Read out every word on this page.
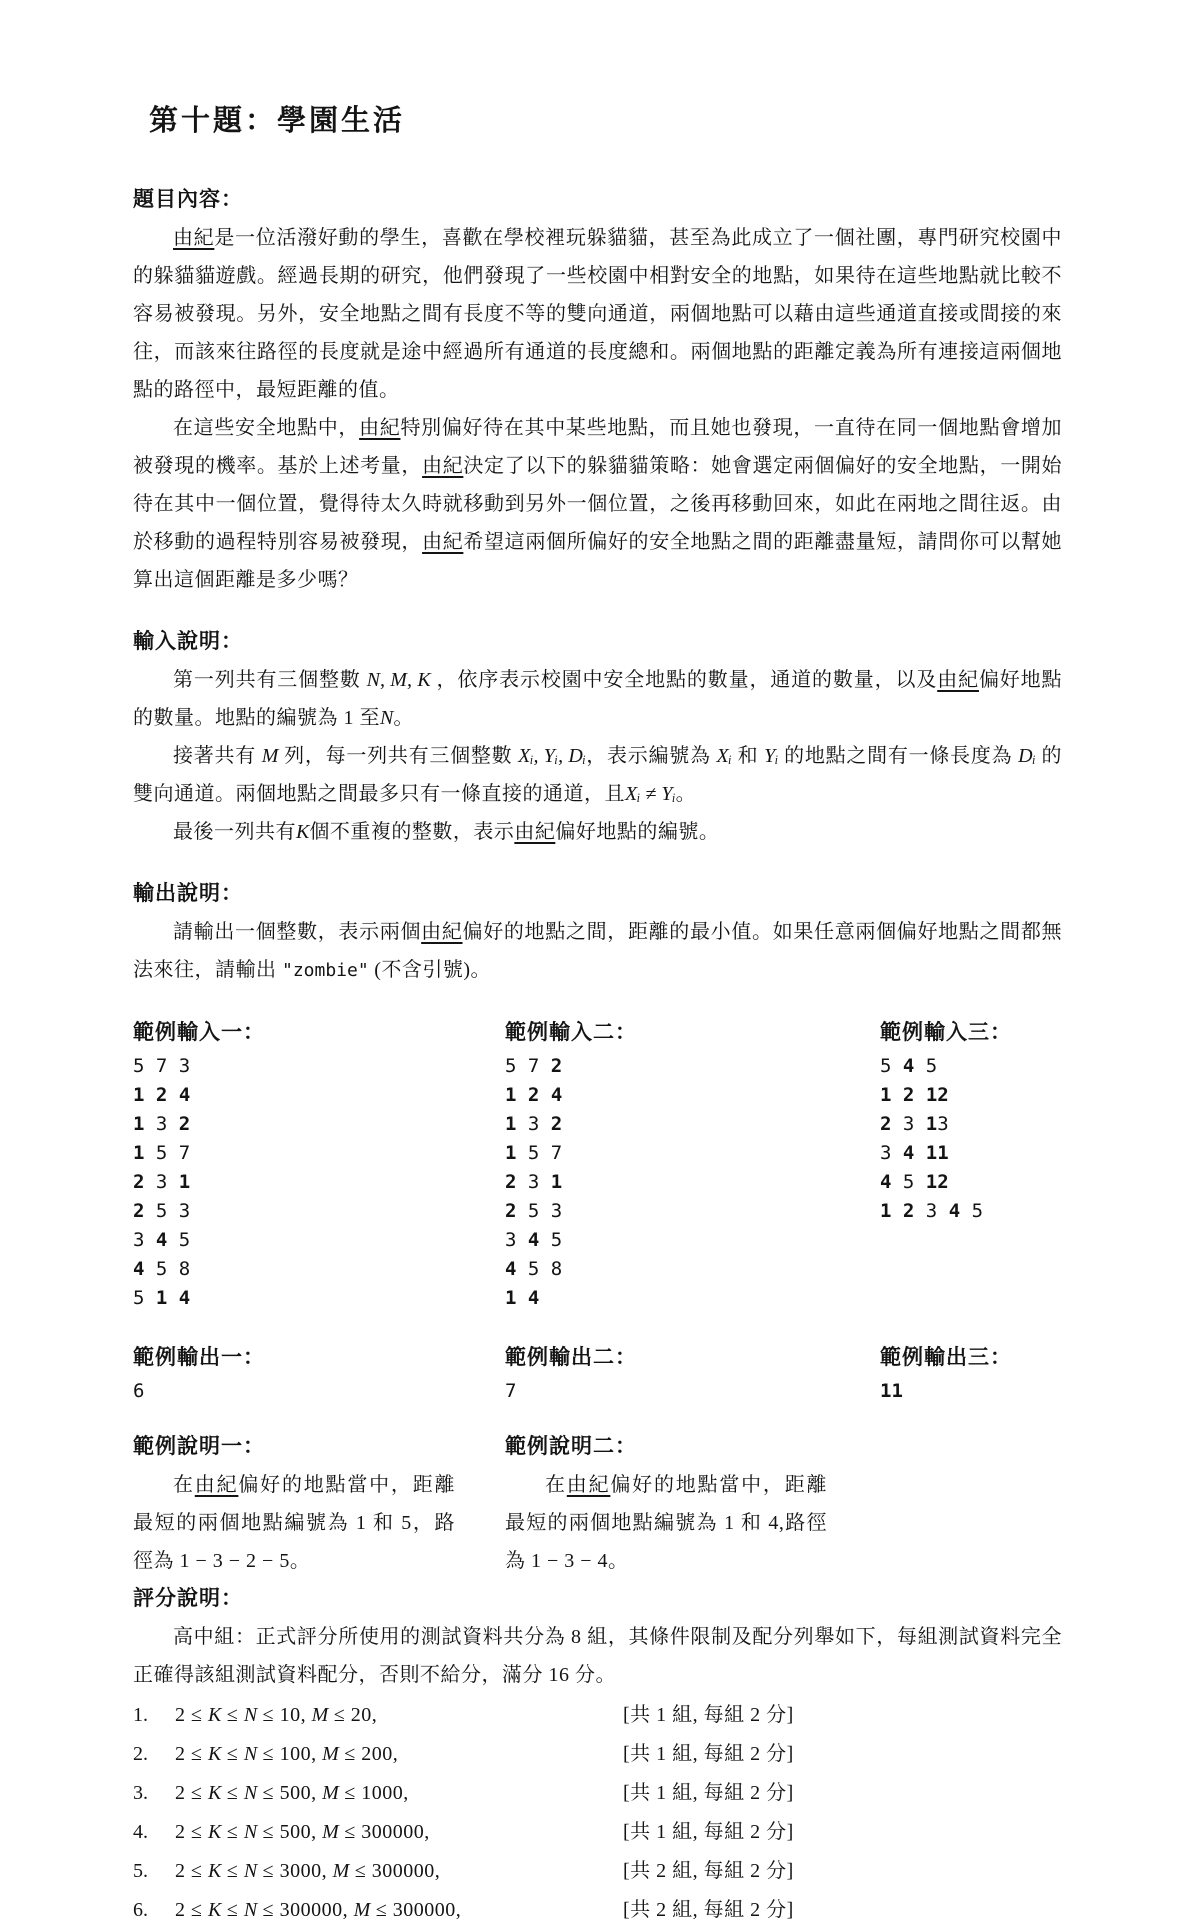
第十題：學園生活
題目內容：

由紀是一位活潑好動的學生，喜歡在學校裡玩躲貓貓，甚至為此成立了一個社團，專門研究校園中的躲貓貓遊戲。經過長期的研究，他們發現了一些校園中相對安全的地點，如果待在這些地點就比較不容易被發現。另外，安全地點之間有長度不等的雙向通道，兩個地點可以藉由這些通道直接或間接的來往，而該來往路徑的長度就是途中經過所有通道的長度總和。兩個地點的距離定義為所有連接這兩個地點的路徑中，最短距離的值。

在這些安全地點中，由紀特別偏好待在其中某些地點，而且她也發現，一直待在同一個地點會增加被發現的機率。基於上述考量，由紀決定了以下的躲貓貓策略：她會選定兩個偏好的安全地點，一開始待在其中一個位置，覺得待太久時就移動到另外一個位置，之後再移動回來，如此在兩地之間往返。由於移動的過程特別容易被發現，由紀希望這兩個所偏好的安全地點之間的距離盡量短，請問你可以幫她算出這個距離是多少嗎？

輸入說明：

第一列共有三個整數 N, M, K ，依序表示校園中安全地點的數量，通道的數量，以及由紀偏好地點的數量。地點的編號為 1 至N。

接著共有 M 列，每一列共有三個整數 Xᵢ, Yᵢ, Dᵢ，表示編號為 Xᵢ 和 Yᵢ 的地點之間有一條長度為 Dᵢ 的雙向通道。兩個地點之間最多只有一條直接的通道，且Xᵢ ≠ Yᵢ。

最後一列共有K個不重複的整數，表示由紀偏好地點的編號。

輸出說明：

請輸出一個整數，表示兩個由紀偏好的地點之間，距離的最小值。如果任意兩個偏好地點之間都無法來往，請輸出 "zombie" (不含引號)。

範例輸入一：
5 7 3
1 2 4
1 3 2
1 5 7
2 3 1
2 5 3
3 4 5
4 5 8
5 1 4
範例輸入二：
5 7 2
1 2 4
1 3 2
1 5 7
2 3 1
2 5 3
3 4 5
4 5 8
1 4
範例輸入三：
5 4 5
1 2 12
2 3 13
3 4 11
4 5 12
1 2 3 4 5
範例輸出一：
6
範例輸出二：
7
範例輸出三：
11
範例說明一：

在由紀偏好的地點當中，距離最短的兩個地點編號為 1 和 5，路徑為 1 − 3 − 2 − 5。

範例說明二：

在由紀偏好的地點當中，距離最短的兩個地點編號為 1 和 4,路徑為 1 − 3 − 4。

評分說明：

高中組：正式評分所使用的測試資料共分為 8 組，其條件限制及配分列舉如下，每組測試資料完全正確得該組測試資料配分，否則不給分，滿分 16 分。

1.	2 ≤ K ≤ N ≤ 10, M ≤ 20,	[共 1 組, 每組 2 分]
2.	2 ≤ K ≤ N ≤ 100, M ≤ 200,	[共 1 組, 每組 2 分]
3.	2 ≤ K ≤ N ≤ 500, M ≤ 1000,	[共 1 組, 每組 2 分]
4.	2 ≤ K ≤ N ≤ 500, M ≤ 300000,	[共 1 組, 每組 2 分]
5.	2 ≤ K ≤ N ≤ 3000, M ≤ 300000,	[共 2 組, 每組 2 分]
6.	2 ≤ K ≤ N ≤ 300000, M ≤ 300000,	[共 2 組, 每組 2 分]
